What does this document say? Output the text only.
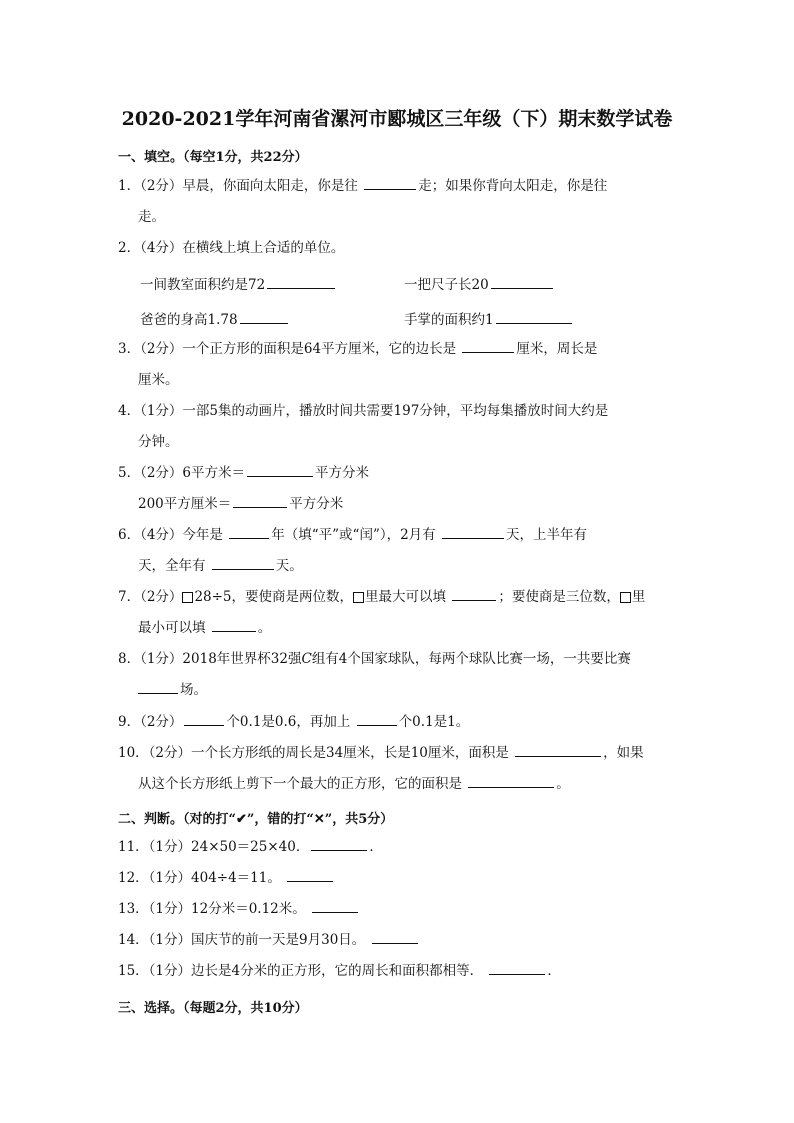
2020-2021学年河南省漯河市郾城区三年级（下）期末数学试卷
一、填空。（每空1分，共22分）
1．（2分）早晨，你面向太阳走，你是往	走；如果你背向太阳走，你是往
走。
2．（4分）在横线上填上合适的单位。
一间教室面积约是72	一把尺子长20
爸爸的身高1.78	手掌的面积约1
3．（2分）一个正方形的面积是64平方厘米，它的边长是	厘米，周长是
厘米。
4．（1分）一部5集的动画片，播放时间共需要197分钟，平均每集播放时间大约是
分钟。
5．（2分）6平方米＝	平方分米
200平方厘米＝	平方分米
6．（4分）今年是	年（填“平”或“闰”），2月有	天，上半年有
天，全年有	天。
7．（2分） 28÷5，要使商是两位数， 里最大可以填	；要使商是三位数， 里
最小可以填	。
8．（1分）2018年世界杯32强C组有4个国家球队，每两个球队比赛一场，一共要比赛
场。
9．（2分）	个0.1是0.6，再加上	个0.1是1。
10．（2分）一个长方形纸的周长是34厘米，长是10厘米，面积是	，如果
从这个长方形纸上剪下一个最大的正方形，它的面积是	。
二、判断。（对的打“✔”，错的打“✕”，共5分）
11．（1分）24×50＝25×40．	．
12．（1分）404÷4＝11。
13．（1分）12分米＝0.12米。
14．（1分）国庆节的前一天是9月30日。
15．（1分）边长是4分米的正方形，它的周长和面积都相等．	．
三、选择。（每题2分，共10分）
